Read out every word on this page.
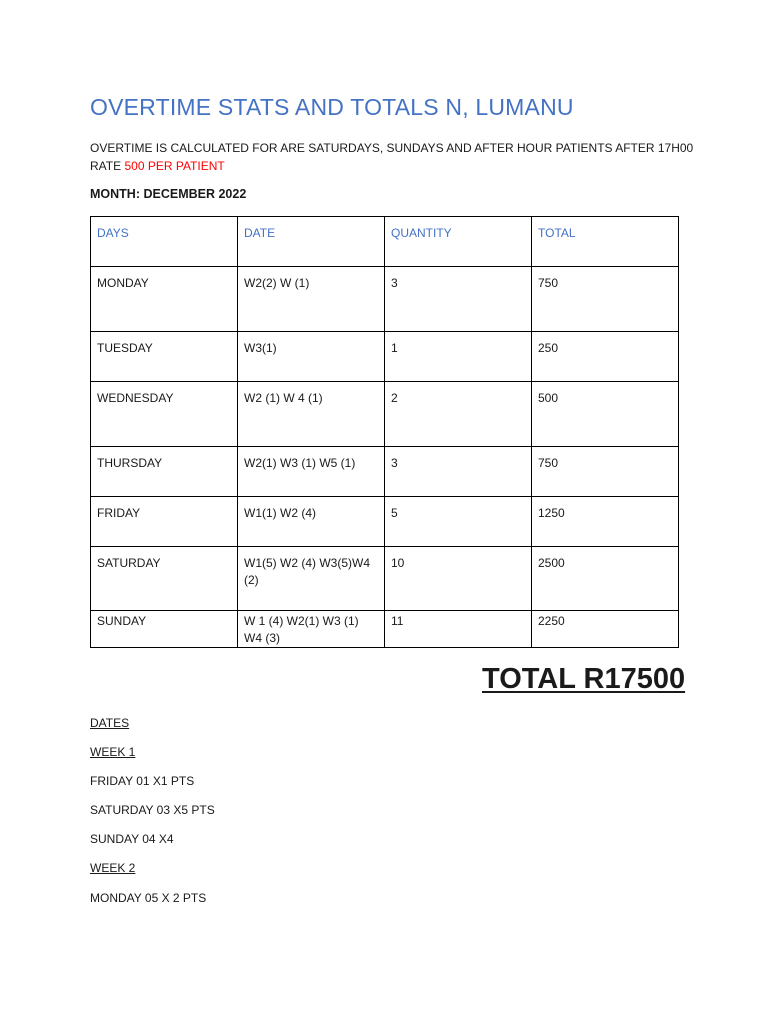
OVERTIME STATS AND TOTALS N, LUMANU
OVERTIME IS CALCULATED FOR ARE SATURDAYS, SUNDAYS AND AFTER HOUR PATIENTS AFTER 17H00
RATE 500 PER PATIENT
MONTH: DECEMBER 2022
DAYS	DATE	QUANTITY	TOTAL
MONDAY	W2(2) W (1)	3	750
TUESDAY	W3(1)	1	250
WEDNESDAY	W2 (1) W 4 (1)	2	500
THURSDAY	W2(1) W3 (1) W5 (1)	3	750
FRIDAY	W1(1) W2 (4)	5	1250
SATURDAY	W1(5) W2 (4) W3(5)W4 (2)	10	2500
SUNDAY	W 1 (4) W2(1) W3 (1) W4 (3)	11	2250
TOTAL R17500
DATES
WEEK 1
FRIDAY 01 X1 PTS
SATURDAY 03 X5 PTS
SUNDAY 04 X4
WEEK 2
MONDAY 05 X 2 PTS
